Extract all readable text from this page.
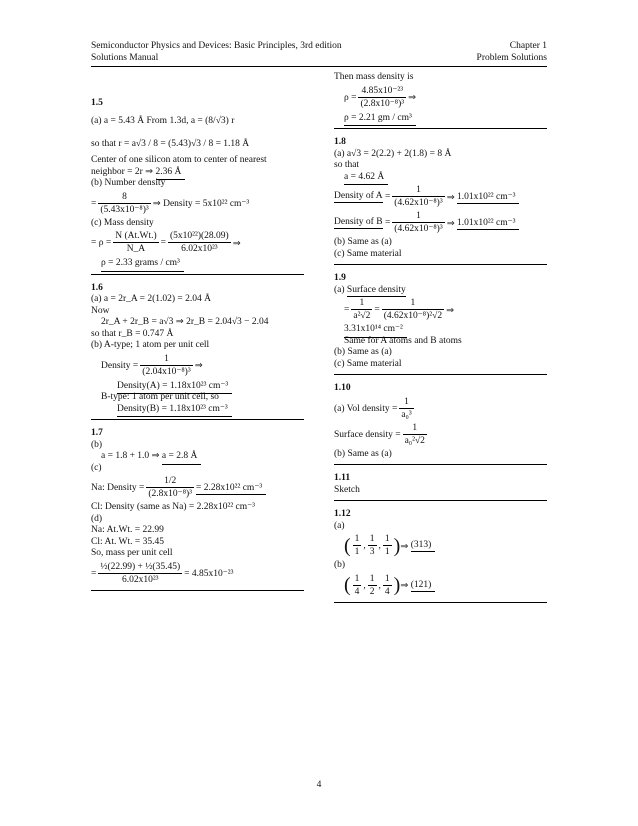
Semiconductor Physics and Devices: Basic Principles, 3rd edition
Solutions Manual
Chapter 1
Problem Solutions
1.5
(a) a = 5.43 Å From 1.3d, a = (8/√3) r
so that r = a√3 / 8 = (5.43)√3 / 8 = 1.18 Å
Center of one silicon atom to center of nearest
neighbor = 2r ⇒ 2.36 Å
(b) Number density
= $\frac{8}{\text{(5.43x10⁻⁸)³}}$ ⇒ Density = 5x10²² cm⁻³
(c) Mass density
= $\rho = \frac{N (At.Wt.)}{N\_A} = \frac{\text{(5x10²²)(28.09)}}{\text{6.02x10²³}}$ ⇒
ρ = 2.33 grams / cm³
1.6
(a) a = 2r_A = 2(1.02) = 2.04 Å
Now
2r_A + 2r_B = a√3 ⇒ 2r_B = 2.04√3 − 2.04
so that r_B = 0.747 Å
(b) A-type; 1 atom per unit cell
Density = $\frac{1}{\text{(2.04x10⁻⁸)³}}$ ⇒
Density(A) = 1.18x10²³ cm⁻³
B-type: 1 atom per unit cell, so
Density(B) = 1.18x10²³ cm⁻³
1.7
(b)
a = 1.8 + 1.0 ⇒ a = 2.8 Å
(c)
Na: Density = $\frac{1/2}{\text{(2.8x10⁻⁸)³}} = 2.28x10^{22}$ cm⁻³
Cl: Density (same as Na) = 2.28x10²² cm⁻³
(d)
Na: At.Wt. = 22.99
Cl: At. Wt. = 35.45
So, mass per unit cell
= $\frac{\text{½(22.99) + ½(35.45)}}{\text{6.02x10²³}} = 4.85x10^{-23}$
Then mass density is
$\rho = \frac{\text{4.85x10⁻²³}}{\text{(2.8x10⁻⁸)³}}$ ⇒
ρ = 2.21 gm / cm³
1.8
(a) a√3 = 2(2.2) + 2(1.8) = 8 Å
so that
a = 4.62 Å
Density of $A = \frac{1}{\text{(4.62x10⁻⁸)³}}$ ⇒ 1.01x10²² cm⁻³
Density of $B = \frac{1}{\text{(4.62x10⁻⁸)³}}$ ⇒ 1.01x10²² cm⁻³
(b) Same as (a)
(c) Same material
1.9
(a) Surface density
= $\frac{1}{\text{a²√2}} = \frac{1}{\text{(4.62x10⁻⁸)²√2}}$ ⇒
3.31x10¹⁴ cm⁻²
Same for A atoms and B atoms
(b) Same as (a)
(c) Same material
1.10
(a) Vol density = $\frac{1}{\text{a₀³}}$
Surface density = $\frac{1}{\text{a₀²√2}}$
(b) Same as (a)
1.11
Sketch
1.12
(a)
( $\frac{1}{1}$ , $\frac{1}{3}$ , $\frac{1}{1}$ ) ⇒
(313)
(b)
( $\frac{1}{4}$ , $\frac{1}{2}$ , $\frac{1}{4}$ ) ⇒
(121)
4
